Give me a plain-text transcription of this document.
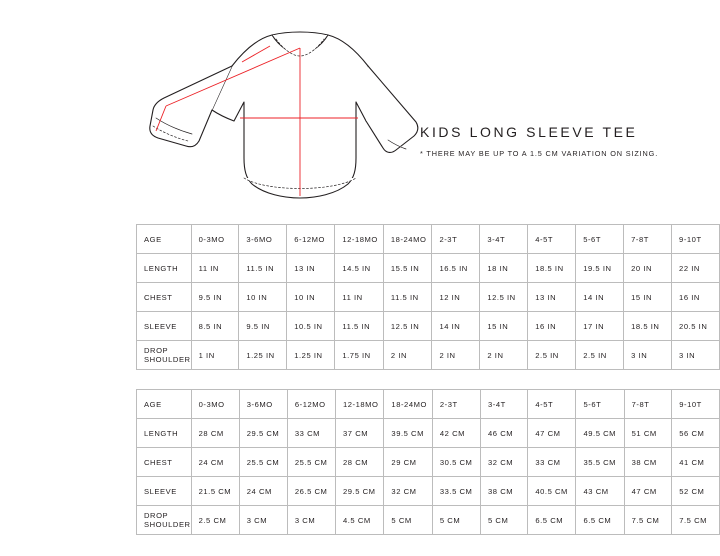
KIDS LONG SLEEVE TEE
* THERE MAY BE UP TO A 1.5 CM VARIATION ON SIZING.
AGE	0-3MO	3-6MO	6-12MO	12-18MO	18-24MO	2-3T	3-4T	4-5T	5-6T	7-8T	9-10T
LENGTH	11 IN	11.5 IN	13 IN	14.5 IN	15.5 IN	16.5 IN	18 IN	18.5 IN	19.5 IN	20 IN	22 IN
CHEST	9.5 IN	10 IN	10 IN	11 IN	11.5 IN	12 IN	12.5 IN	13 IN	14 IN	15 IN	16 IN
SLEEVE	8.5 IN	9.5 IN	10.5 IN	11.5 IN	12.5 IN	14 IN	15 IN	16 IN	17 IN	18.5 IN	20.5 IN

DROP
SHOULDER	1 IN	1.25 IN	1.25 IN	1.75 IN	2 IN	2 IN	2 IN	2.5 IN	2.5 IN	3 IN	3 IN
AGE	0-3MO	3-6MO	6-12MO	12-18MO	18-24MO	2-3T	3-4T	4-5T	5-6T	7-8T	9-10T
LENGTH	28 CM	29.5 CM	33 CM	37 CM	39.5 CM	42 CM	46 CM	47 CM	49.5 CM	51 CM	56 CM
CHEST	24 CM	25.5 CM	25.5 CM	28 CM	29 CM	30.5 CM	32 CM	33 CM	35.5 CM	38 CM	41 CM
SLEEVE	21.5 CM	24 CM	26.5 CM	29.5 CM	32 CM	33.5 CM	38 CM	40.5 CM	43 CM	47 CM	52 CM

DROP
SHOULDER	2.5 CM	3 CM	3 CM	4.5 CM	5 CM	5 CM	5 CM	6.5 CM	6.5 CM	7.5 CM	7.5 CM
